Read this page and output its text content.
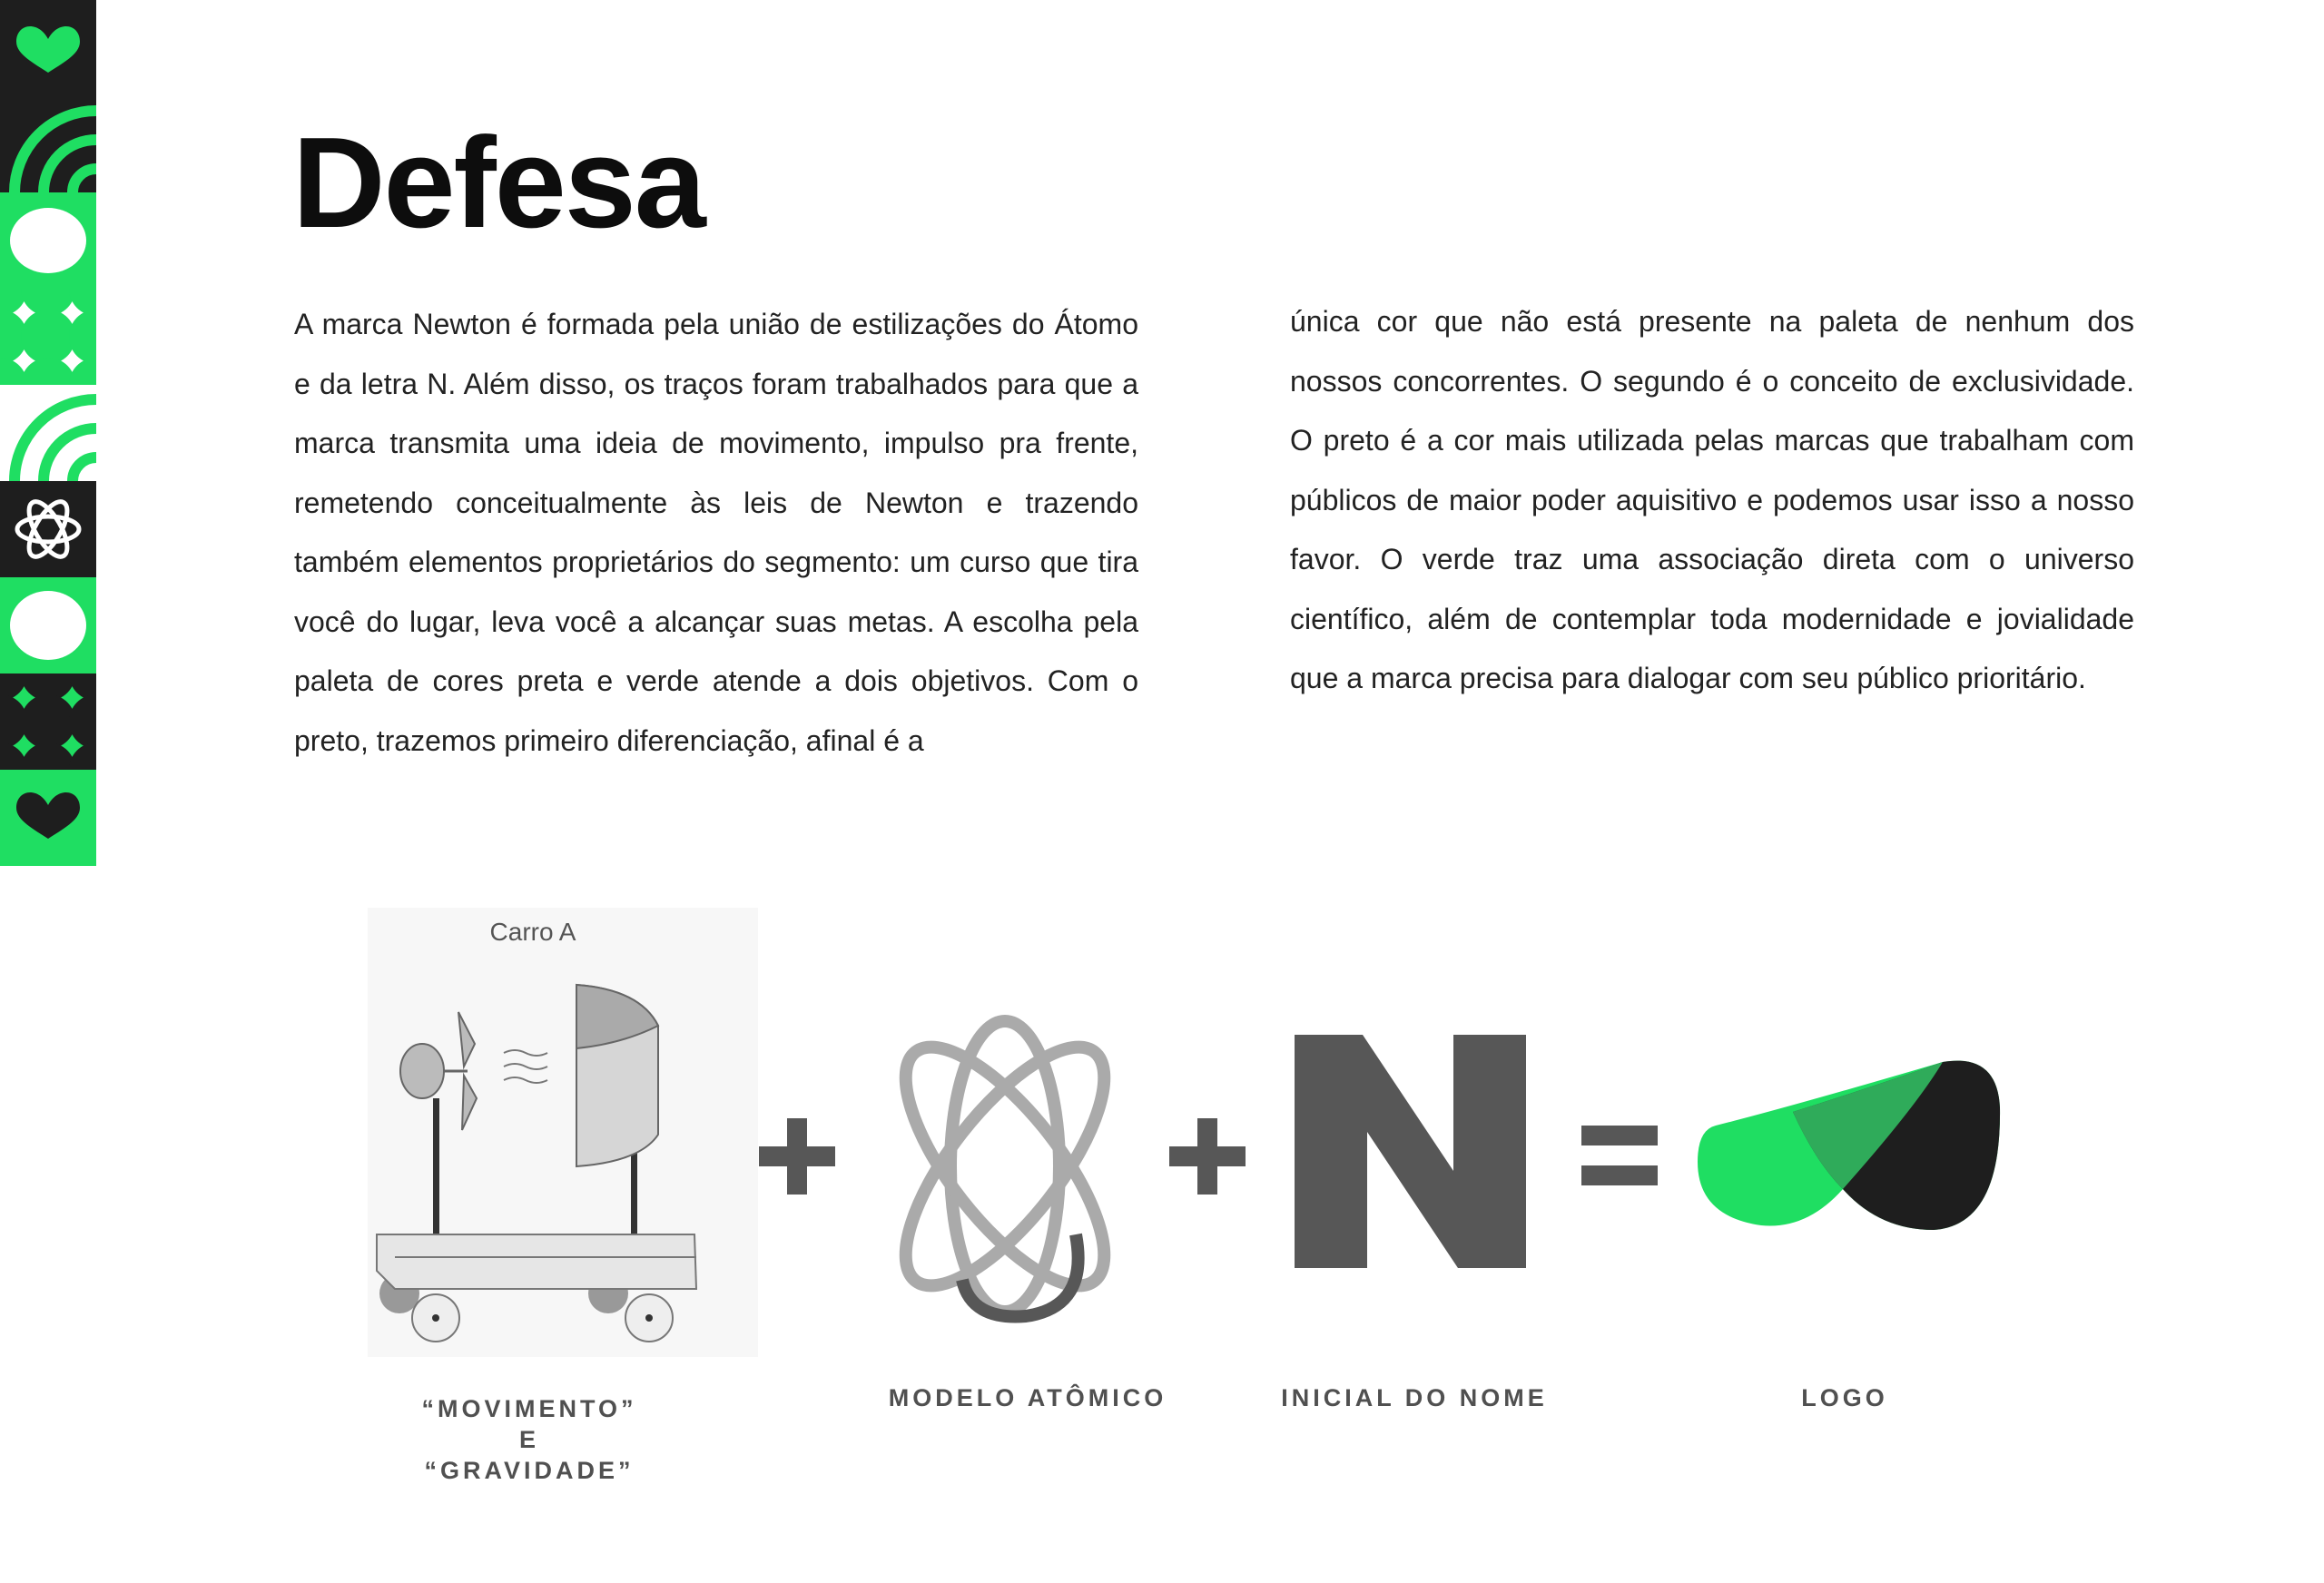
Defesa
A marca Newton é formada pela união de estilizações do Átomo e da letra N. Além disso, os traços foram trabalhados para que a marca transmita uma ideia de movimento, impulso pra frente, remetendo conceitualmente às leis de Newton e trazendo também elementos proprietários do segmento: um curso que tira você do lugar, leva você a alcançar suas metas. A escolha pela paleta de cores preta e verde atende a dois objetivos. Com o preto, trazemos primeiro diferenciação, afinal é a
única cor que não está presente na paleta de nenhum dos nossos concorrentes. O segundo é o conceito de exclusividade. O preto é a cor mais utilizada pelas marcas que trabalham com públicos de maior poder aquisitivo e podemos usar isso a nosso favor. O verde traz uma associação direta com o universo científico, além de contemplar toda modernidade e jovialidade que a marca precisa para dialogar com seu público prioritário.
Carro A
“MOVIMENTO”
E
“GRAVIDADE”
MODELO ATÔMICO	INICIAL DO NOME	LOGO
